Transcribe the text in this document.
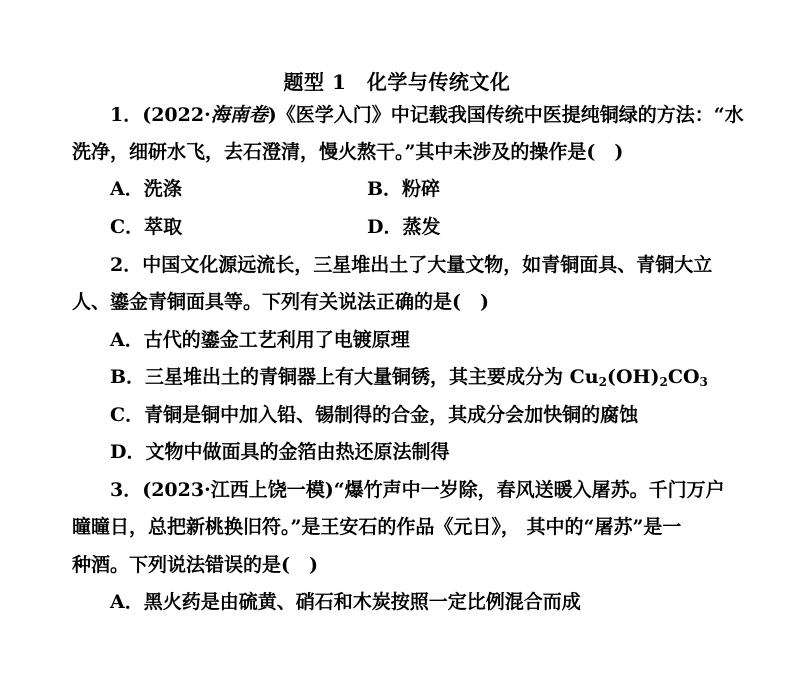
题型 1　化学与传统文化
1．(2022·海南卷)《医学入门》中记载我国传统中医提纯铜绿的方法：“水
洗净，细研水飞，去石澄清，慢火熬干。”其中未涉及的操作是(　)
A．洗涤	B．粉碎
C．萃取	D．蒸发
2．中国文化源远流长，三星堆出土了大量文物，如青铜面具、青铜大立
人、鎏金青铜面具等。下列有关说法正确的是(　)
A．古代的鎏金工艺利用了电镀原理
B．三星堆出土的青铜器上有大量铜锈，其主要成分为 $Cu_2(OH)_2CO_3$
C．青铜是铜中加入铅、锡制得的合金，其成分会加快铜的腐蚀
D．文物中做面具的金箔由热还原法制得
3．(2023·江西上饶一模)“爆竹声中一岁除，春风送暖入屠苏。千门万户
曈曈日，总把新桃换旧符。”是王安石的作品《元日》， 其中的“屠苏”是一
种酒。下列说法错误的是(　)
A．黑火药是由硫黄、硝石和木炭按照一定比例混合而成
